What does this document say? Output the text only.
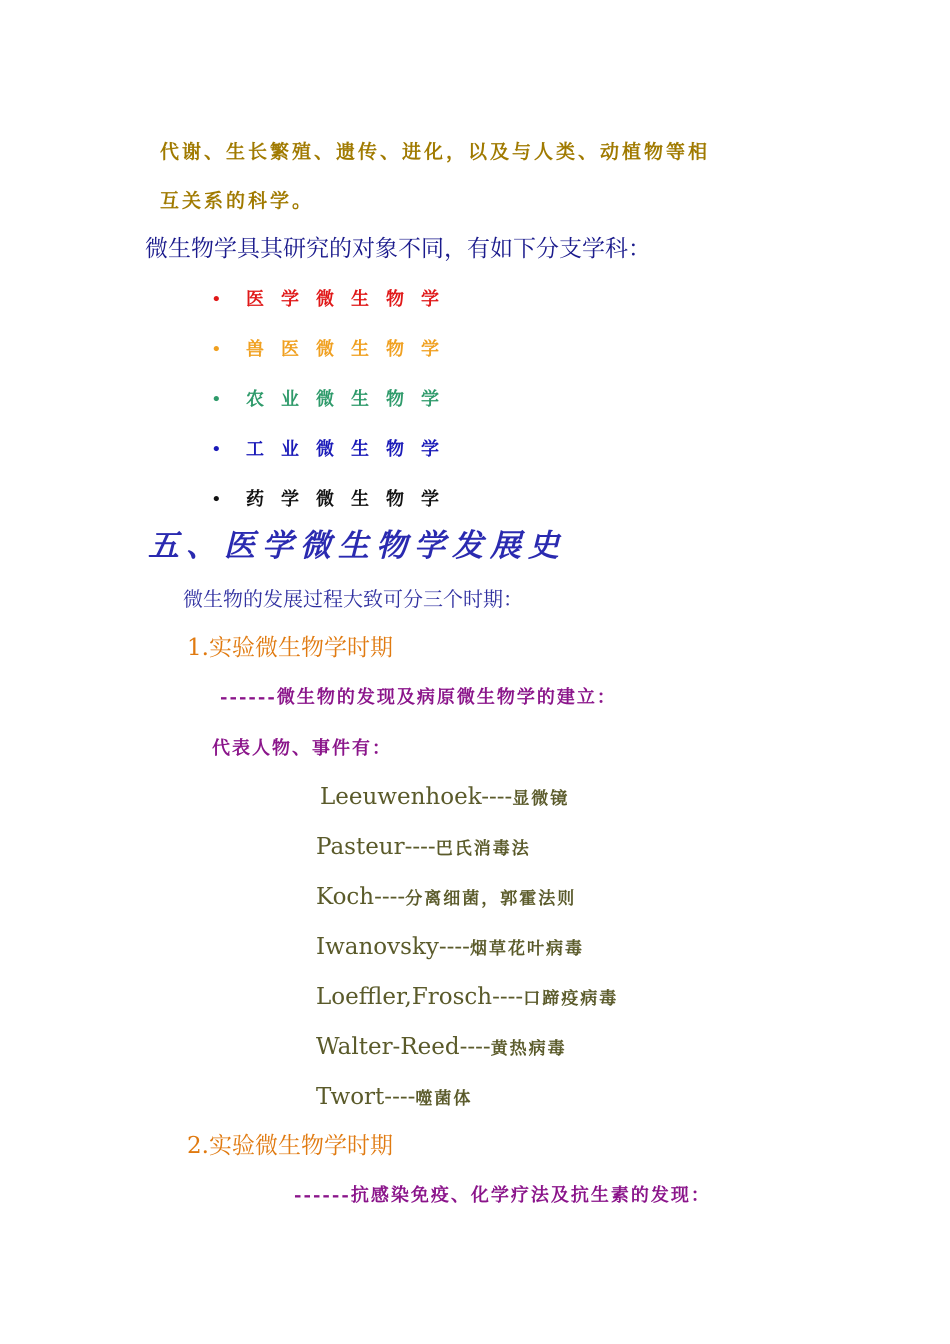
代谢、生长繁殖、遗传、进化，以及与人类、动植物等相
互关系的科学。
微生物学具其研究的对象不同，有如下分支学科：
• 医学微生物学
• 兽医微生物学
• 农业微生物学
• 工业微生物学
• 药学微生物学
五、医学微生物学发展史
微生物的发展过程大致可分三个时期：
1.实验微生物学时期
------微生物的发现及病原微生物学的建立：
代表人物、事件有：
Leeuwenhoek----显微镜
Pasteur----巴氏消毒法
Koch----分离细菌，郭霍法则
Iwanovsky----烟草花叶病毒
Loeffler,Frosch----口蹄疫病毒
Walter-Reed----黄热病毒
Twort----噬菌体
2.实验微生物学时期
------抗感染免疫、化学疗法及抗生素的发现：
